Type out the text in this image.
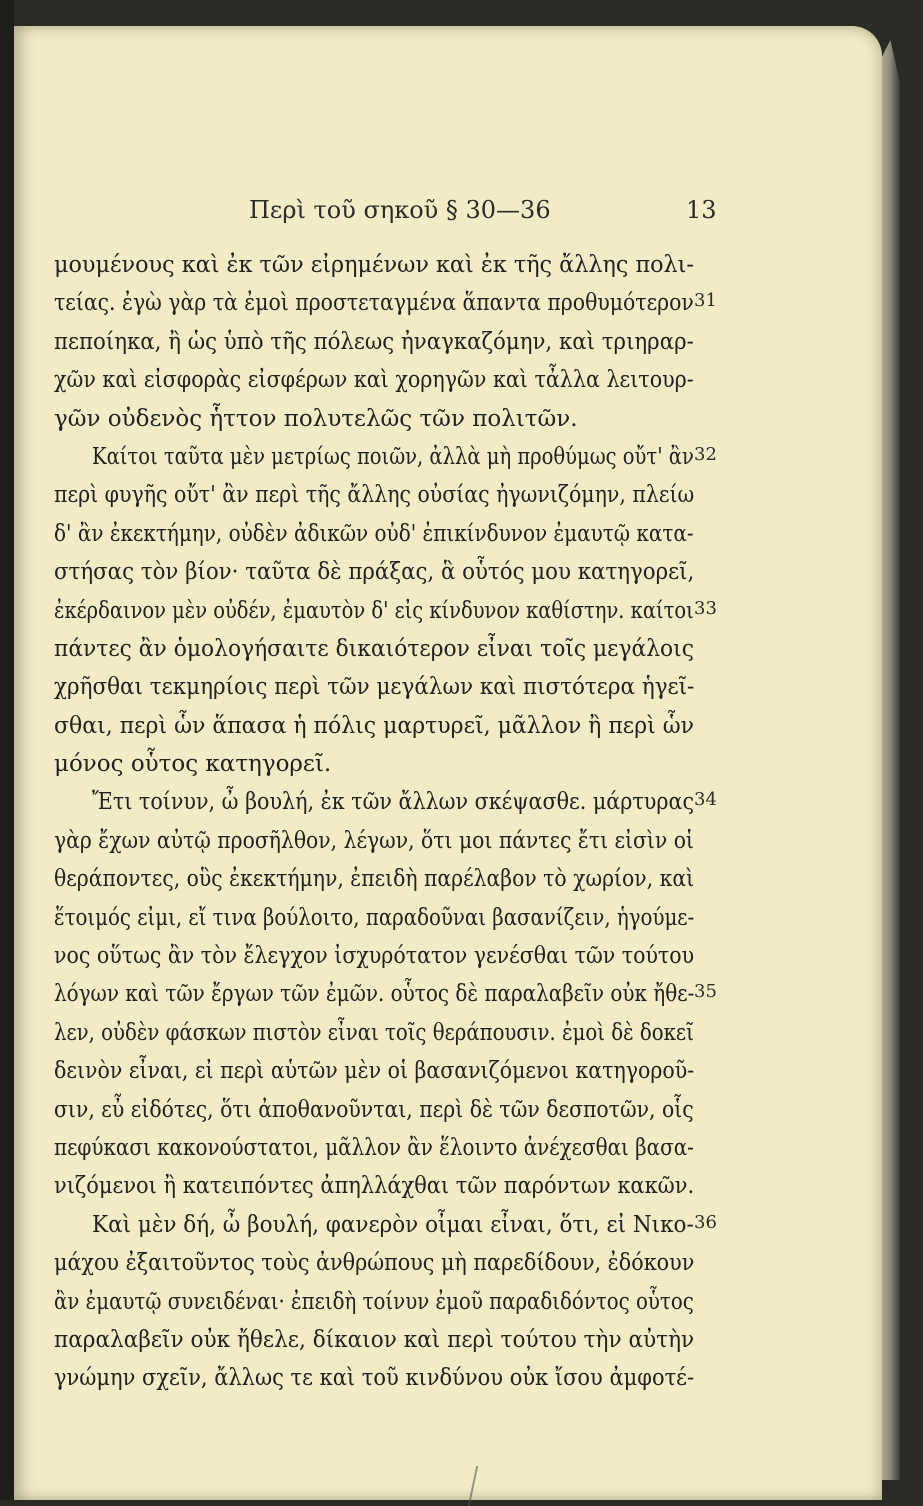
Περὶ τοῦ σηκοῦ § 30—36	13
μουμένους καὶ ἐκ τῶν εἰρημένων καὶ ἐκ τῆς ἄλλης πολι-
τείας. ἐγὼ γὰρ τὰ ἐμοὶ προστεταγμένα ἅπαντα προθυμότερον 31
πεποίηκα, ἢ ὡς ὑπὸ τῆς πόλεως ἠναγκαζόμην, καὶ τριηραρ-
χῶν καὶ εἰσφορὰς εἰσφέρων καὶ χορηγῶν καὶ τἆλλα λειτουρ-
γῶν οὐδενὸς ἧττον πολυτελῶς τῶν πολιτῶν.
Καίτοι ταῦτα μὲν μετρίως ποιῶν, ἀλλὰ μὴ προθύμως οὔτ' ἂν 32
περὶ φυγῆς οὔτ' ἂν περὶ τῆς ἄλλης οὐσίας ἠγωνιζόμην, πλείω
δ' ἂν ἐκεκτήμην, οὐδὲν ἀδικῶν οὐδ' ἐπικίνδυνον ἐμαυτῷ κατα-
στήσας τὸν βίον· ταῦτα δὲ πράξας, ἃ οὗτός μου κατηγορεῖ,
ἐκέρδαινον μὲν οὐδέν, ἐμαυτὸν δ' εἰς κίνδυνον καθίστην. καίτοι 33
πάντες ἂν ὁμολογήσαιτε δικαιότερον εἶναι τοῖς μεγάλοις
χρῆσθαι τεκμηρίοις περὶ τῶν μεγάλων καὶ πιστότερα ἡγεῖ-
σθαι, περὶ ὧν ἅπασα ἡ πόλις μαρτυρεῖ, μᾶλλον ἢ περὶ ὧν
μόνος οὗτος κατηγορεῖ.
Ἔτι τοίνυν, ὦ βουλή, ἐκ τῶν ἄλλων σκέψασθε. μάρτυρας 34
γὰρ ἔχων αὐτῷ προσῆλθον, λέγων, ὅτι μοι πάντες ἔτι εἰσὶν οἱ
θεράποντες, οὓς ἐκεκτήμην, ἐπειδὴ παρέλαβον τὸ χωρίον, καὶ
ἕτοιμός εἰμι, εἴ τινα βούλοιτο, παραδοῦναι βασανίζειν, ἡγούμε-
νος οὕτως ἂν τὸν ἔλεγχον ἰσχυρότατον γενέσθαι τῶν τούτου
λόγων καὶ τῶν ἔργων τῶν ἐμῶν. οὗτος δὲ παραλαβεῖν οὐκ ἤθε- 35
λεν, οὐδὲν φάσκων πιστὸν εἶναι τοῖς θεράπουσιν. ἐμοὶ δὲ δοκεῖ
δεινὸν εἶναι, εἰ περὶ αὑτῶν μὲν οἱ βασανιζόμενοι κατηγοροῦ-
σιν, εὖ εἰδότες, ὅτι ἀποθανοῦνται, περὶ δὲ τῶν δεσποτῶν, οἷς
πεφύκασι κακονούστατοι, μᾶλλον ἂν ἕλοιντο ἀνέχεσθαι βασα-
νιζόμενοι ἢ κατειπόντες ἀπηλλάχθαι τῶν παρόντων κακῶν.
Καὶ μὲν δή, ὦ βουλή, φανερὸν οἶμαι εἶναι, ὅτι, εἰ Νικο- 36
μάχου ἐξαιτοῦντος τοὺς ἀνθρώπους μὴ παρεδίδουν, ἐδόκουν
ἂν ἐμαυτῷ συνειδέναι· ἐπειδὴ τοίνυν ἐμοῦ παραδιδόντος οὗτος
παραλαβεῖν οὐκ ἤθελε, δίκαιον καὶ περὶ τούτου τὴν αὐτὴν
γνώμην σχεῖν, ἄλλως τε καὶ τοῦ κινδύνου οὐκ ἴσου ἀμφοτέ-
